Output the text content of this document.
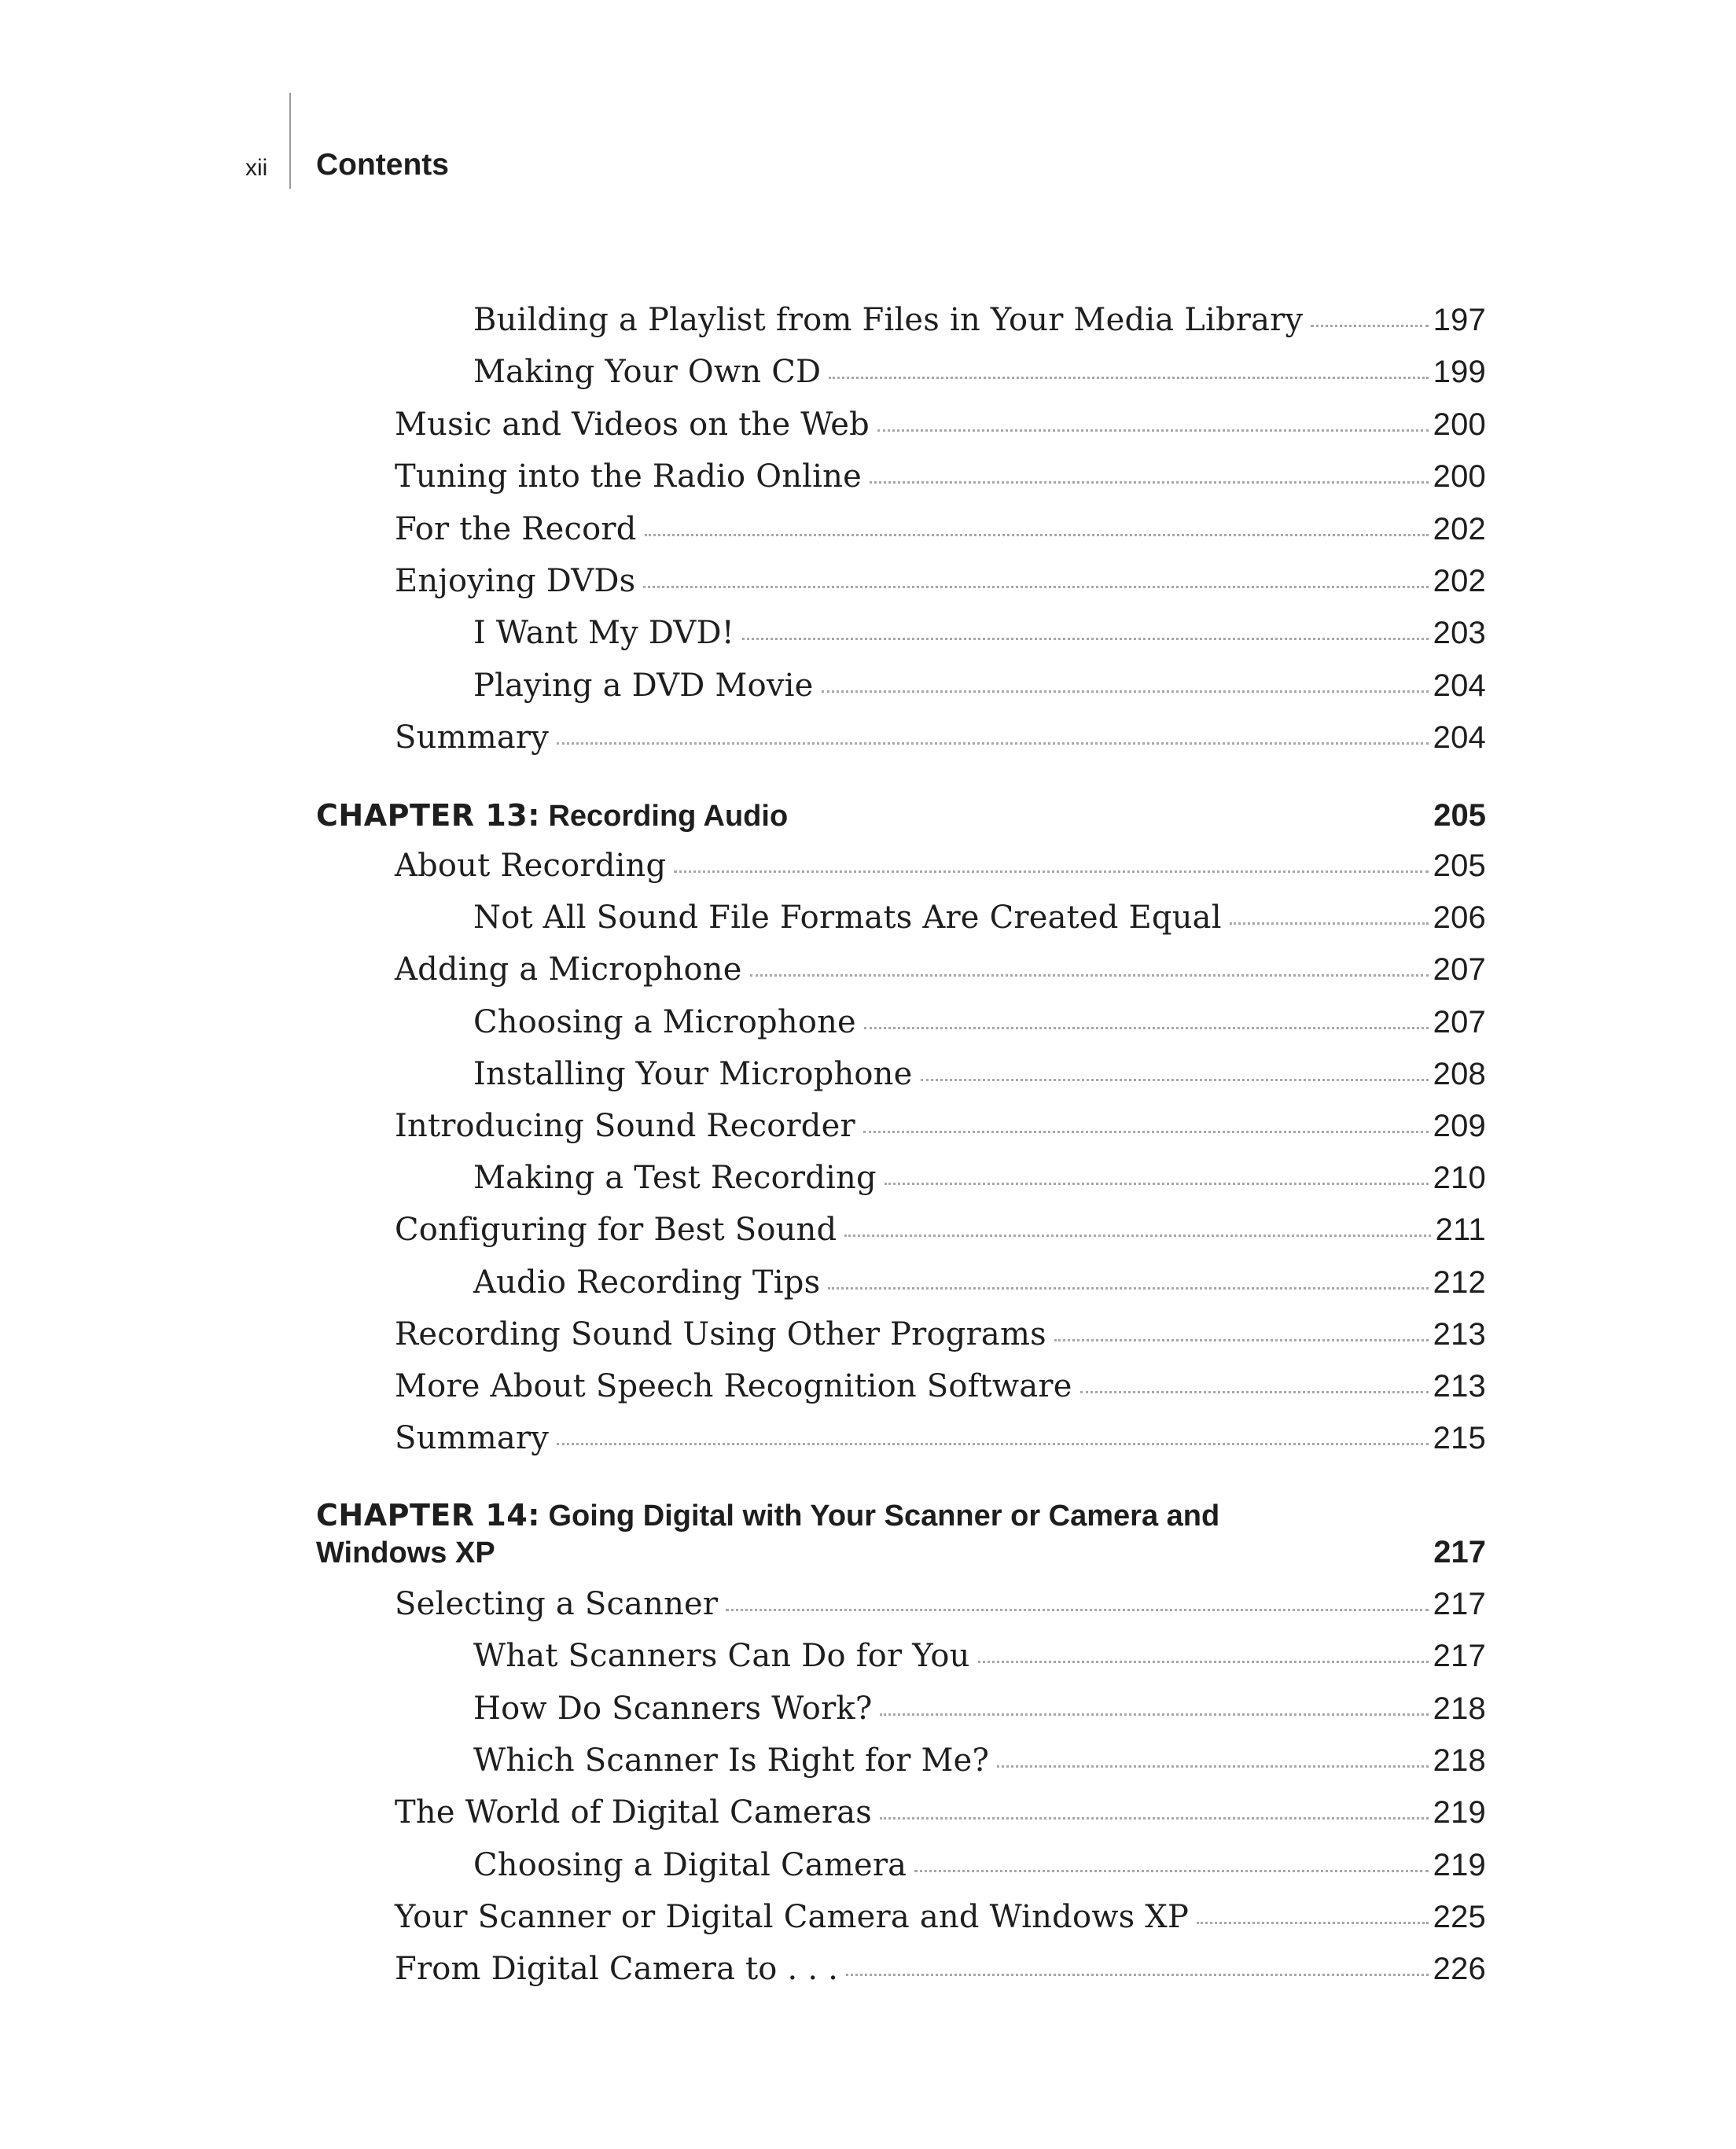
xii Contents
Building a Playlist from Files in Your Media Library	197
Making Your Own CD	199
Music and Videos on the Web	200
Tuning into the Radio Online	200
For the Record	202
Enjoying DVDs	202
I Want My DVD!	203
Playing a DVD Movie	204
Summary	204
CHAPTER 13:
Recording Audio	205
About Recording	205
Not All Sound File Formats Are Created Equal	206
Adding a Microphone	207
Choosing a Microphone	207
Installing Your Microphone	208
Introducing Sound Recorder	209
Making a Test Recording	210
Configuring for Best Sound	211
Audio Recording Tips	212
Recording Sound Using Other Programs	213
More About Speech Recognition Software	213
Summary	215
CHAPTER 14:
Going Digital with Your Scanner or Camera and
Windows XP	217
Selecting a Scanner	217
What Scanners Can Do for You	217
How Do Scanners Work?	218
Which Scanner Is Right for Me?	218
The World of Digital Cameras	219
Choosing a Digital Camera	219
Your Scanner or Digital Camera and Windows XP	225
From Digital Camera to . . .	226
